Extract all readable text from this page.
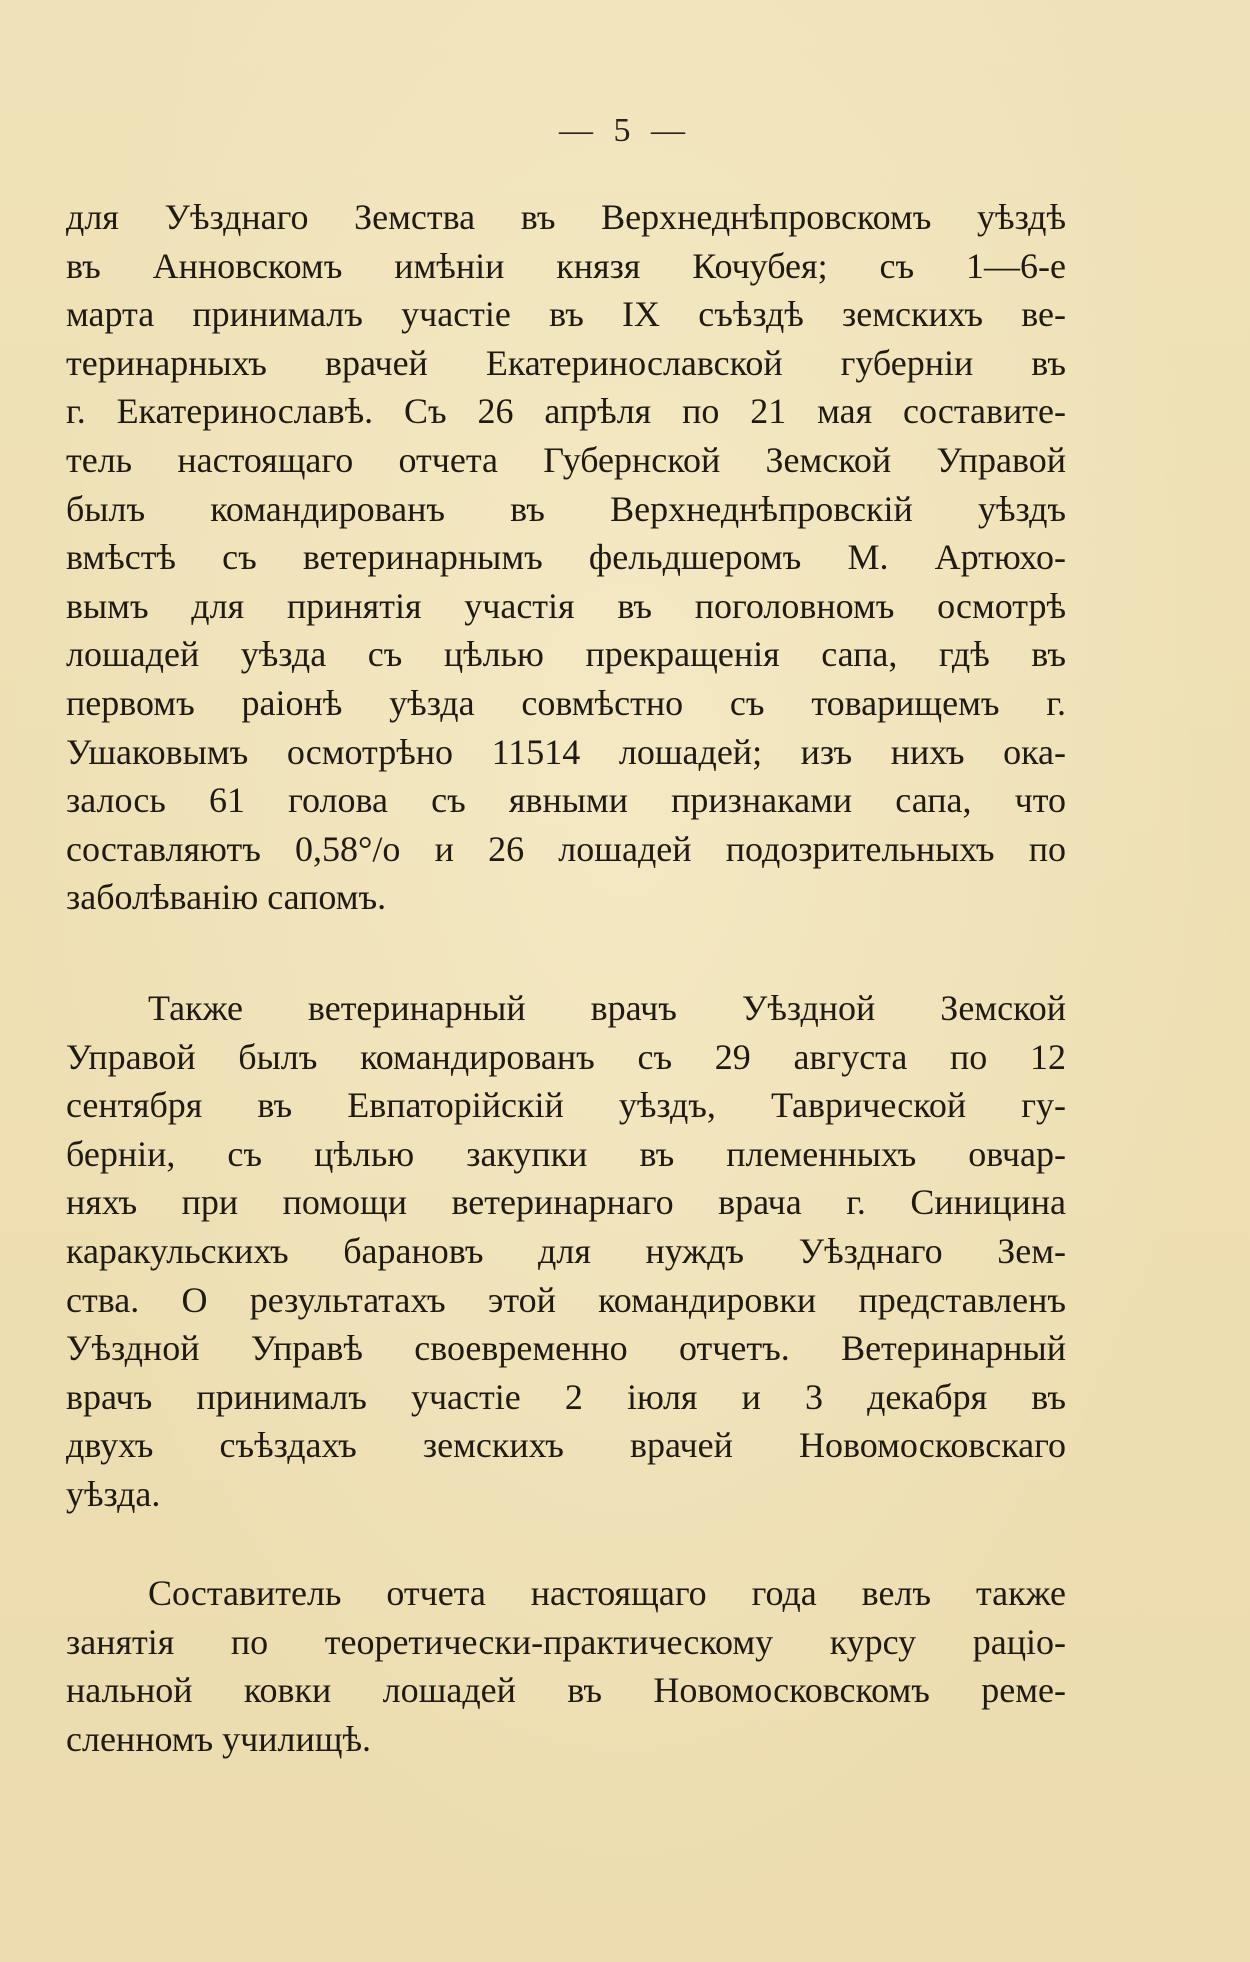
— 5 —
для Уѣзднаго Земства въ Верхнеднѣпровскомъ уѣздѣ
въ Анновскомъ имѣніи князя Кочубея; съ 1—6-е
марта принималъ участіе въ IX съѣздѣ земскихъ ве-
теринарныхъ врачей Екатеринославской губерніи въ
г. Екатеринославѣ. Съ 26 апрѣля по 21 мая составите-
тель настоящаго отчета Губернской Земской Управой
былъ командированъ въ Верхнеднѣпровскій уѣздъ
вмѣстѣ съ ветеринарнымъ фельдшеромъ М. Артюхо-
вымъ для принятія участія въ поголовномъ осмотрѣ
лошадей уѣзда съ цѣлью прекращенія сапа, гдѣ въ
первомъ раіонѣ уѣзда совмѣстно съ товарищемъ г.
Ушаковымъ осмотрѣно 11514 лошадей; изъ нихъ ока-
залось 61 голова съ явными признаками сапа, что
составляютъ 0,58°/o и 26 лошадей подозрительныхъ по
заболѣванію сапомъ.
Также ветеринарный врачъ Уѣздной Земской
Управой былъ командированъ съ 29 августа по 12
сентября въ Евпаторійскій уѣздъ, Таврической гу-
берніи, съ цѣлью закупки въ племенныхъ овчар-
няхъ при помощи ветеринарнаго врача г. Синицина
каракульскихъ барановъ для нуждъ Уѣзднаго Зем-
ства. О результатахъ этой командировки представленъ
Уѣздной Управѣ своевременно отчетъ. Ветеринарный
врачъ принималъ участіе 2 іюля и 3 декабря въ
двухъ съѣздахъ земскихъ врачей Новомосковскаго
уѣзда.
Составитель отчета настоящаго года велъ также
занятія по теоретически-практическому курсу раціо-
нальной ковки лошадей въ Новомосковскомъ реме-
сленномъ училищѣ.
